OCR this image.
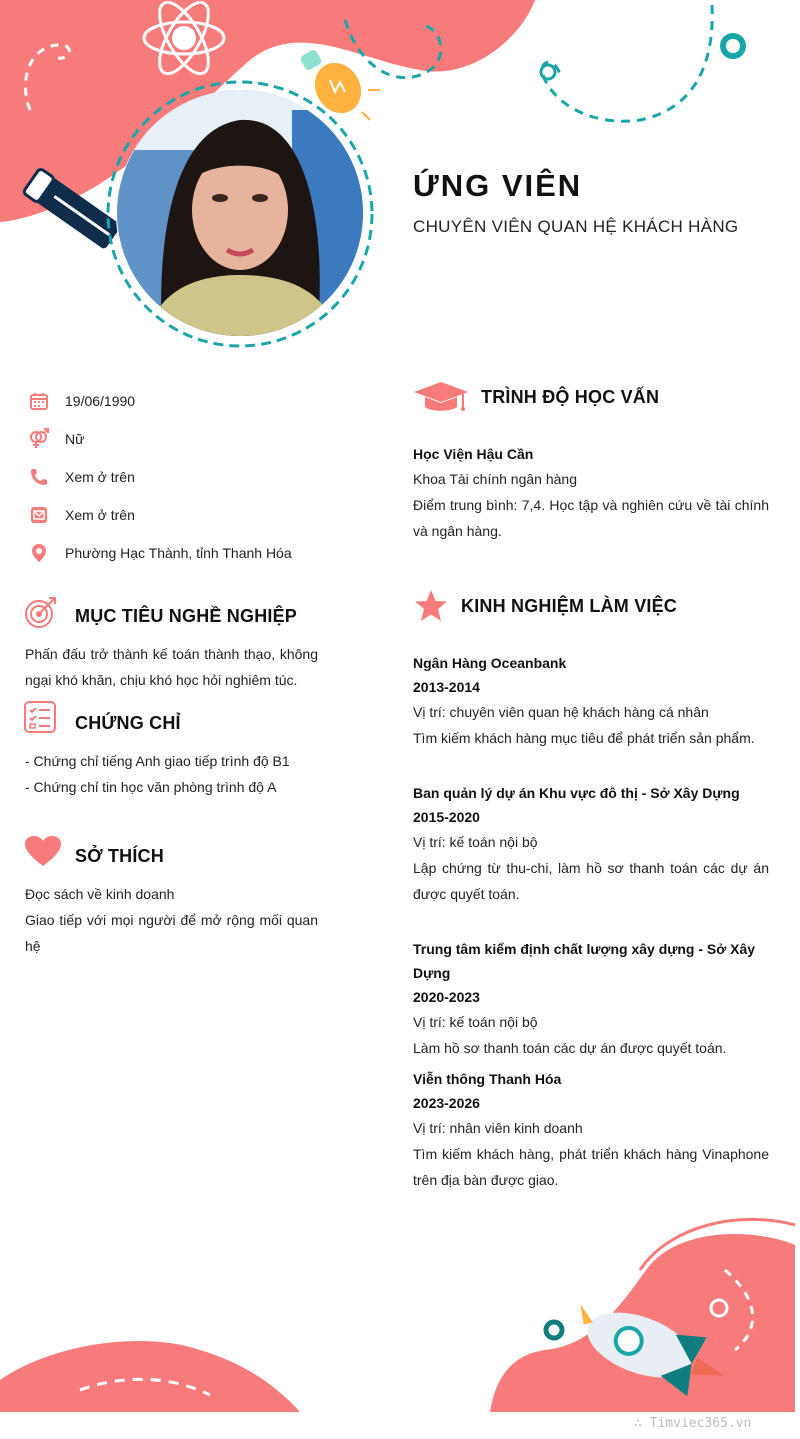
ỨNG VIÊN
CHUYÊN VIÊN QUAN HỆ KHÁCH HÀNG
19/06/1990
Nữ
Xem ở trên
Xem ở trên
Phường Hạc Thành, tỉnh Thanh Hóa
MỤC TIÊU NGHỀ NGHIỆP
Phấn đấu trở thành kế toán thành thạo, không ngại khó khăn, chịu khó học hỏi nghiêm túc.
CHỨNG CHỈ
- Chứng chỉ tiếng Anh giao tiếp trình độ B1
- Chứng chỉ tin học văn phòng trình độ A
SỞ THÍCH
Đọc sách về kinh doanh
Giao tiếp với mọi người để mở rộng mối quan hệ
TRÌNH ĐỘ HỌC VẤN
Học Viện Hậu Cần
Khoa Tài chính ngân hàng
Điểm trung bình: 7,4. Học tập và nghiên cứu về tài chính và ngân hàng.
KINH NGHIỆM LÀM VIỆC
Ngân Hàng Oceanbank
2013-2014
Vị trí: chuyên viên quan hệ khách hàng cá nhân
Tìm kiếm khách hàng mục tiêu để phát triển sản phẩm.
Ban quản lý dự án Khu vực đô thị - Sở Xây Dựng
2015-2020
Vị trí: kế toán nội bộ
Lập chứng từ thu-chi, làm hồ sơ thanh toán các dự án được quyết toán.
Trung tâm kiểm định chất lượng xây dựng - Sở Xây Dựng
2020-2023
Vị trí: kế toán nội bộ
Làm hồ sơ thanh toán các dự án được quyết toán.
Viễn thông Thanh Hóa
2023-2026
Vị trí: nhân viên kinh doanh
Tìm kiếm khách hàng, phát triển khách hàng Vinaphone trên địa bàn được giao.
∴ Timviec365.vn
